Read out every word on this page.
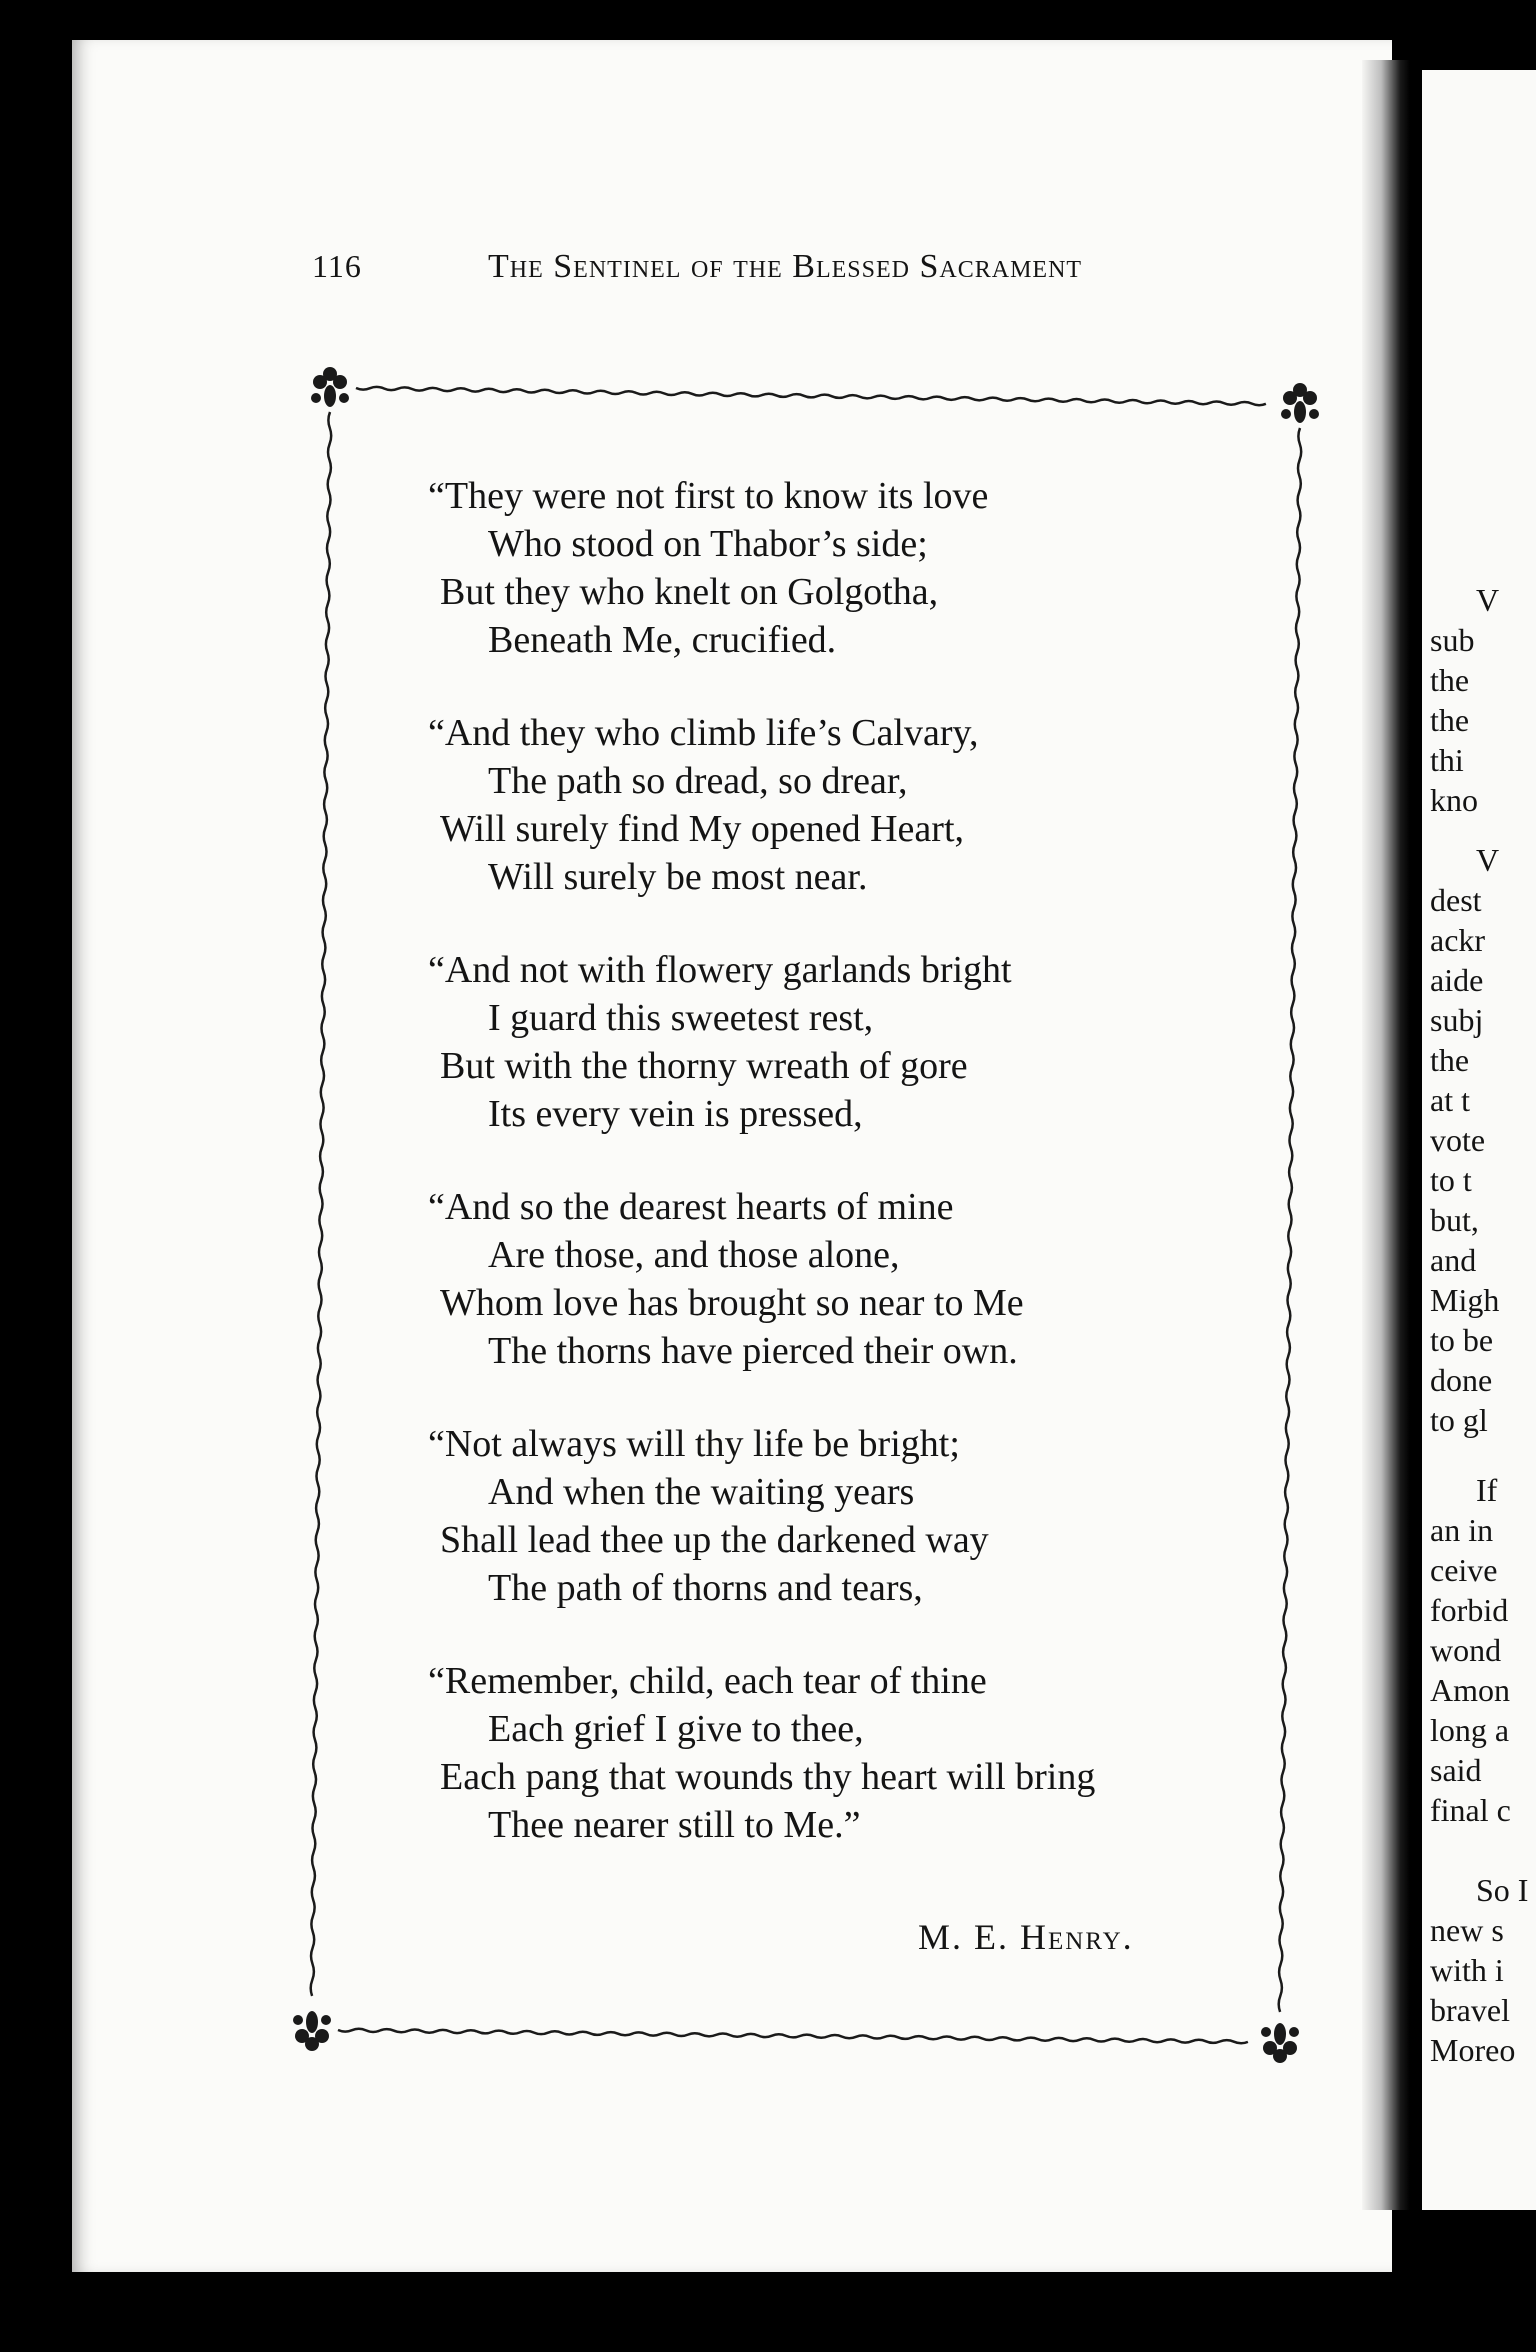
116	The Sentinel of the Blessed Sacrament
“They were not first to know its love
Who stood on Thabor’s side;
But they who knelt on Golgotha,
Beneath Me, crucified.
“And they who climb life’s Calvary,
The path so dread, so drear,
Will surely find My opened Heart,
Will surely be most near.
“And not with flowery garlands bright
I guard this sweetest rest,
But with the thorny wreath of gore
Its every vein is pressed,
“And so the dearest hearts of mine
Are those, and those alone,
Whom love has brought so near to Me
The thorns have pierced their own.
“Not always will thy life be bright;
And when the waiting years
Shall lead thee up the darkened way
The path of thorns and tears,
“Remember, child, each tear of thine
Each grief I give to thee,
Each pang that wounds thy heart will bring
Thee nearer still to Me.”
M. E. Henry.
V
sub
the
the
thi
kno
V
dest
ackr
aide
subj
the
at t
vote
to t
but,
and
Migh
to be
done
to gl
If
an in
ceive
forbid
wond
Amon
long a
said
final c
So I
new s
with i
bravel
Moreo
